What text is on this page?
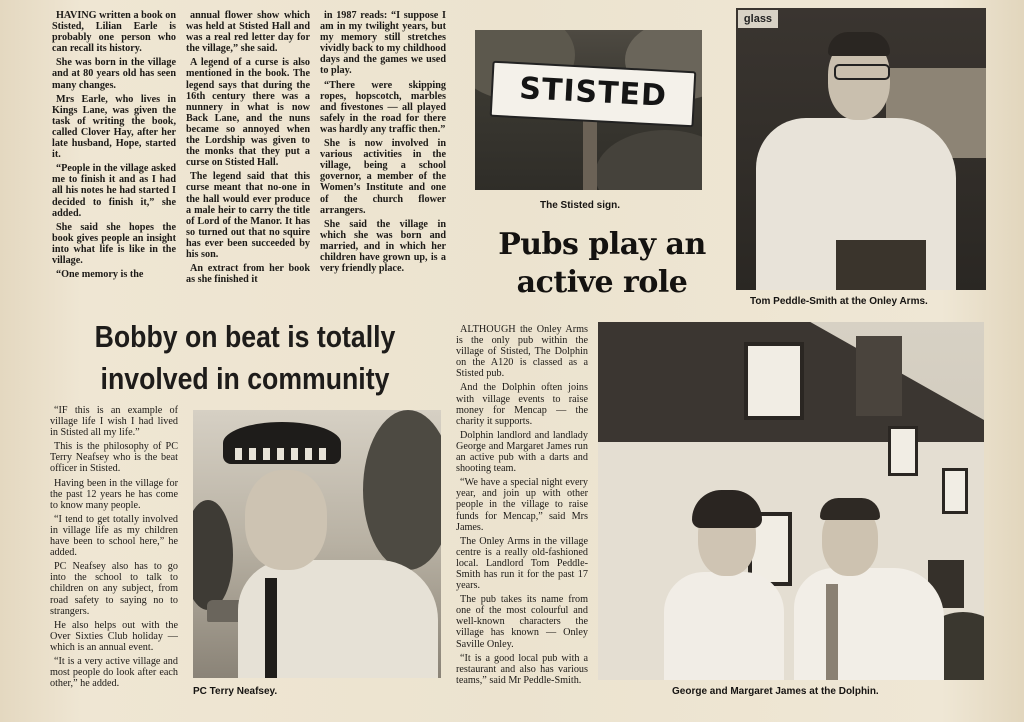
HAVING written a book on Stisted, Lilian Earle is probably one person who can recall its history.

She was born in the village and at 80 years old has seen many changes.

Mrs Earle, who lives in Kings Lane, was given the task of writing the book, called Clover Hay, after her late husband, Hope, started it.

“People in the village asked me to finish it and as I had all his notes he had started I decided to finish it,” she added.

She said she hopes the book gives people an insight into what life is like in the village.

“One memory is the

annual flower show which was held at Stisted Hall and was a real red letter day for the village,” she said.

A legend of a curse is also mentioned in the book. The legend says that during the 16th century there was a nunnery in what is now Back Lane, and the nuns became so annoyed when the Lordship was given to the monks that they put a curse on Stisted Hall.

The legend said that this curse meant that no-one in the hall would ever produce a male heir to carry the title of Lord of the Manor. It has so turned out that no squire has ever been succeeded by his son.

An extract from her book as she finished it

in 1987 reads: “I suppose I am in my twilight years, but my memory still stretches vividly back to my childhood days and the games we used to play.

“There were skipping ropes, hopscotch, marbles and fivestones — all played safely in the road for there was hardly any traffic then.”

She is now involved in various activities in the village, being a school governor, a member of the Women’s Institute and one of the church flower arrangers.

She said the village in which she was born and married, and in which her children have grown up, is a very friendly place.

STISTED
The Stisted sign.
Pubs play an active role
glass
Tom Peddle-Smith at the Onley Arms.
Bobby on beat is totally involved in community

“IF this is an example of village life I wish I had lived in Stisted all my life.”

This is the philosophy of PC Terry Neafsey who is the beat officer in Stisted.

Having been in the village for the past 12 years he has come to know many people.

“I tend to get totally involved in village life as my children have been to school here,” he added.

PC Neafsey also has to go into the school to talk to children on any subject, from road safety to saying no to strangers.

He also helps out with the Over Sixties Club holiday — which is an annual event.

“It is a very active village and most people do look after each other,” he added.

PC Terry Neafsey.

ALTHOUGH the Onley Arms is the only pub within the village of Stisted, The Dolphin on the A120 is classed as a Stisted pub.

And the Dolphin often joins with village events to raise money for Mencap — the charity it supports.

Dolphin landlord and landlady George and Margaret James run an active pub with a darts and shooting team.

“We have a special night every year, and join up with other people in the village to raise funds for Mencap,” said Mrs James.

The Onley Arms in the village centre is a really old-fashioned local. Landlord Tom Peddle-Smith has run it for the past 17 years.

The pub takes its name from one of the most colourful and well-known characters the village has known — Onley Saville Onley.

“It is a good local pub with a restaurant and also has various teams,” said Mr Peddle-Smith.

George and Margaret James at the Dolphin.
